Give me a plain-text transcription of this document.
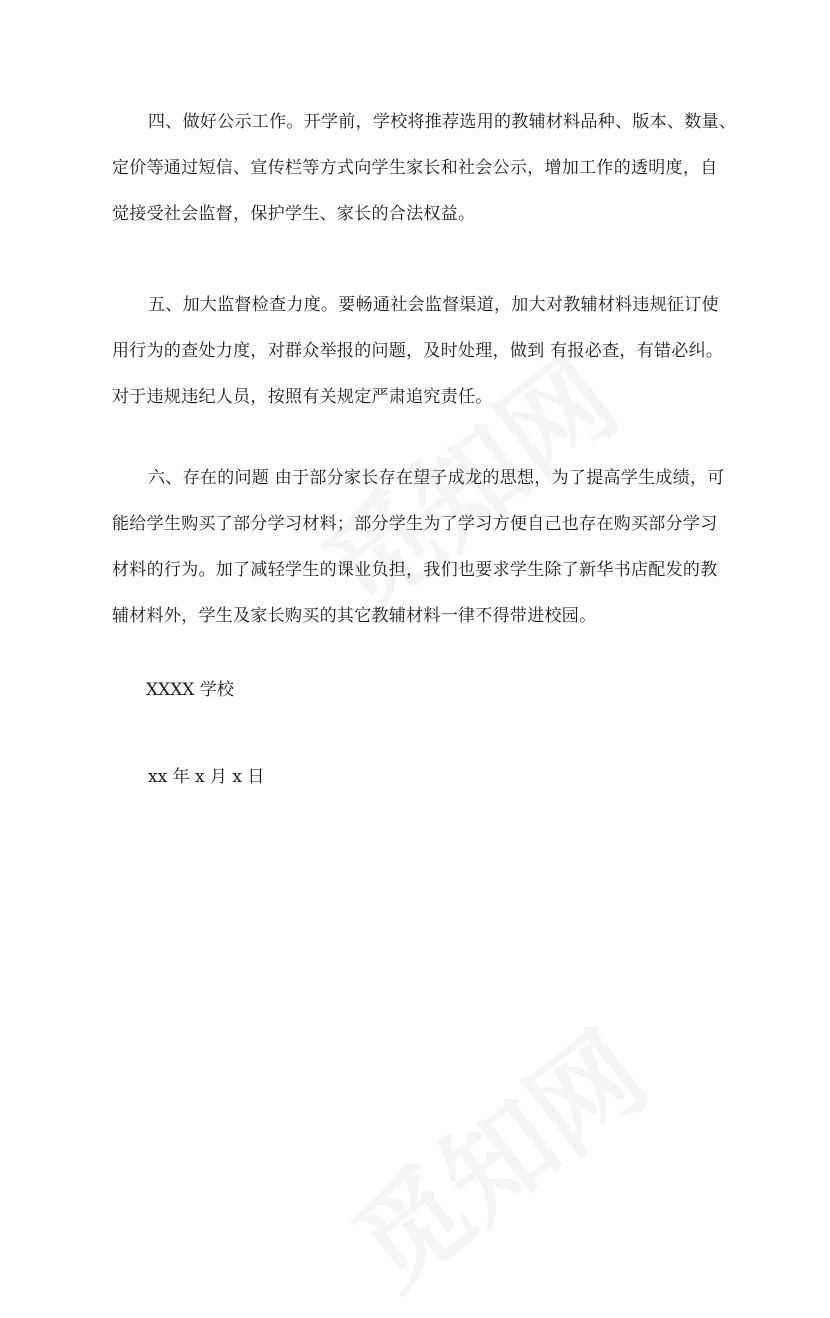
四、做好公示工作。开学前，学校将推荐选用的教辅材料品种、版本、数量、
定价等通过短信、宣传栏等方式向学生家长和社会公示，增加工作的透明度，自
觉接受社会监督，保护学生、家长的合法权益。

五、加大监督检查力度。要畅通社会监督渠道，加大对教辅材料违规征订使
用行为的查处力度，对群众举报的问题，及时处理，做到 有报必查，有错必纠。
对于违规违纪人员，按照有关规定严肃追究责任。

六、存在的问题 由于部分家长存在望子成龙的思想，为了提高学生成绩，可
能给学生购买了部分学习材料；部分学生为了学习方便自己也存在购买部分学习
材料的行为。加了减轻学生的课业负担，我们也要求学生除了新华书店配发的教
辅材料外，学生及家长购买的其它教辅材料一律不得带进校园。

XXXX 学校

xx 年 x 月 x 日
